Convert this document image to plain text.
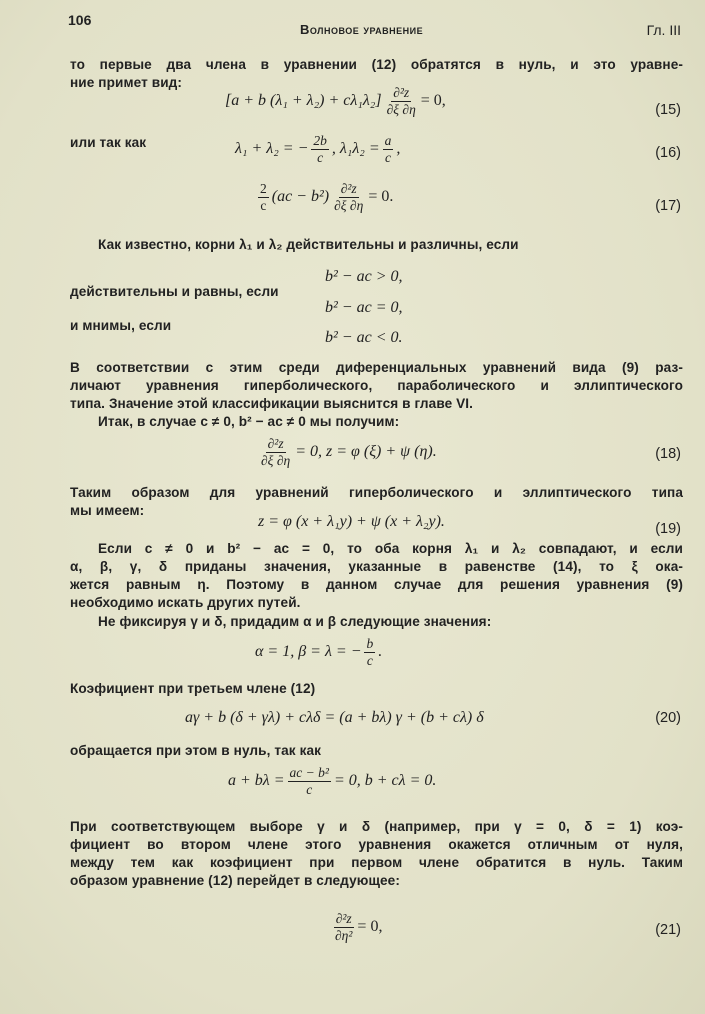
106
Волновое уравнение	Гл. III
то первые два члена в уравнении (12) обратятся в нуль, и это уравне-
ние примет вид:
[a + b $(\lambda_1 + \lambda_2) + c\lambda_1\lambda_2] \frac{\text{∂²z}}{\partial\xi \partial\eta} = 0$,
(15)
или так как	λ₁ + λ₂ = − $\frac{2b}{c}$ , $\lambda_1\lambda_2 = \frac{a}{c}$ ,	(16)
$\frac{2}{c} (ac - b^2) \frac{\text{∂²z}}{\partial\xi \partial\eta} = 0$.
(17)
Как известно, корни λ₁ и λ₂ действительны и различны, если
b² − ac > 0,
действительны и равны, если
b² − ac = 0,
и мнимы, если
b² − ac < 0.
В соответствии с этим среди диференциальных уравнений вида (9) раз-
личают уравнения гиперболического, параболического и эллиптического
типа. Значение этой классификации выяснится в главе VI.
Итак, в случае c ≠ 0, b² − ac ≠ 0 мы получим:
$\frac{\text{∂²z}}{\partial\xi \partial\eta} = 0$, z = φ (ξ) + ψ (η).	(18)
Таким образом для уравнений гиперболического и эллиптического типа
мы имеем:
z = φ (x + λ₁y) + ψ (x + λ₂y).	(19)
Если c ≠ 0 и b² − ac = 0, то оба корня λ₁ и λ₂ совпадают, и если
α, β, γ, δ приданы значения, указанные в равенстве (14), то ξ ока-
жется равным η. Поэтому в данном случае для решения уравнения (9)
необходимо искать других путей.
Не фиксируя γ и δ, придадим α и β следующие значения:
α = 1, β = λ = − $\frac{b}{c}$ .
Коэфициент при третьем члене (12)
aγ + b (δ + γλ) + cλδ = (a + bλ) γ + (b + cλ) δ	(20)
обращается при этом в нуль, так как
$a + b\lambda = \frac{\text{ac − b²}}{c} = 0$, b + cλ = 0.
При соответствующем выборе γ и δ (например, при γ = 0, δ = 1) коэ-
фициент во втором члене этого уравнения окажется отличным от нуля,
между тем как коэфициент при первом члене обратится в нуль. Таким
образом уравнение (12) перейдет в следующее:
$\frac{\text{∂²z}}{\text{∂η²}} = 0$,	(21)
